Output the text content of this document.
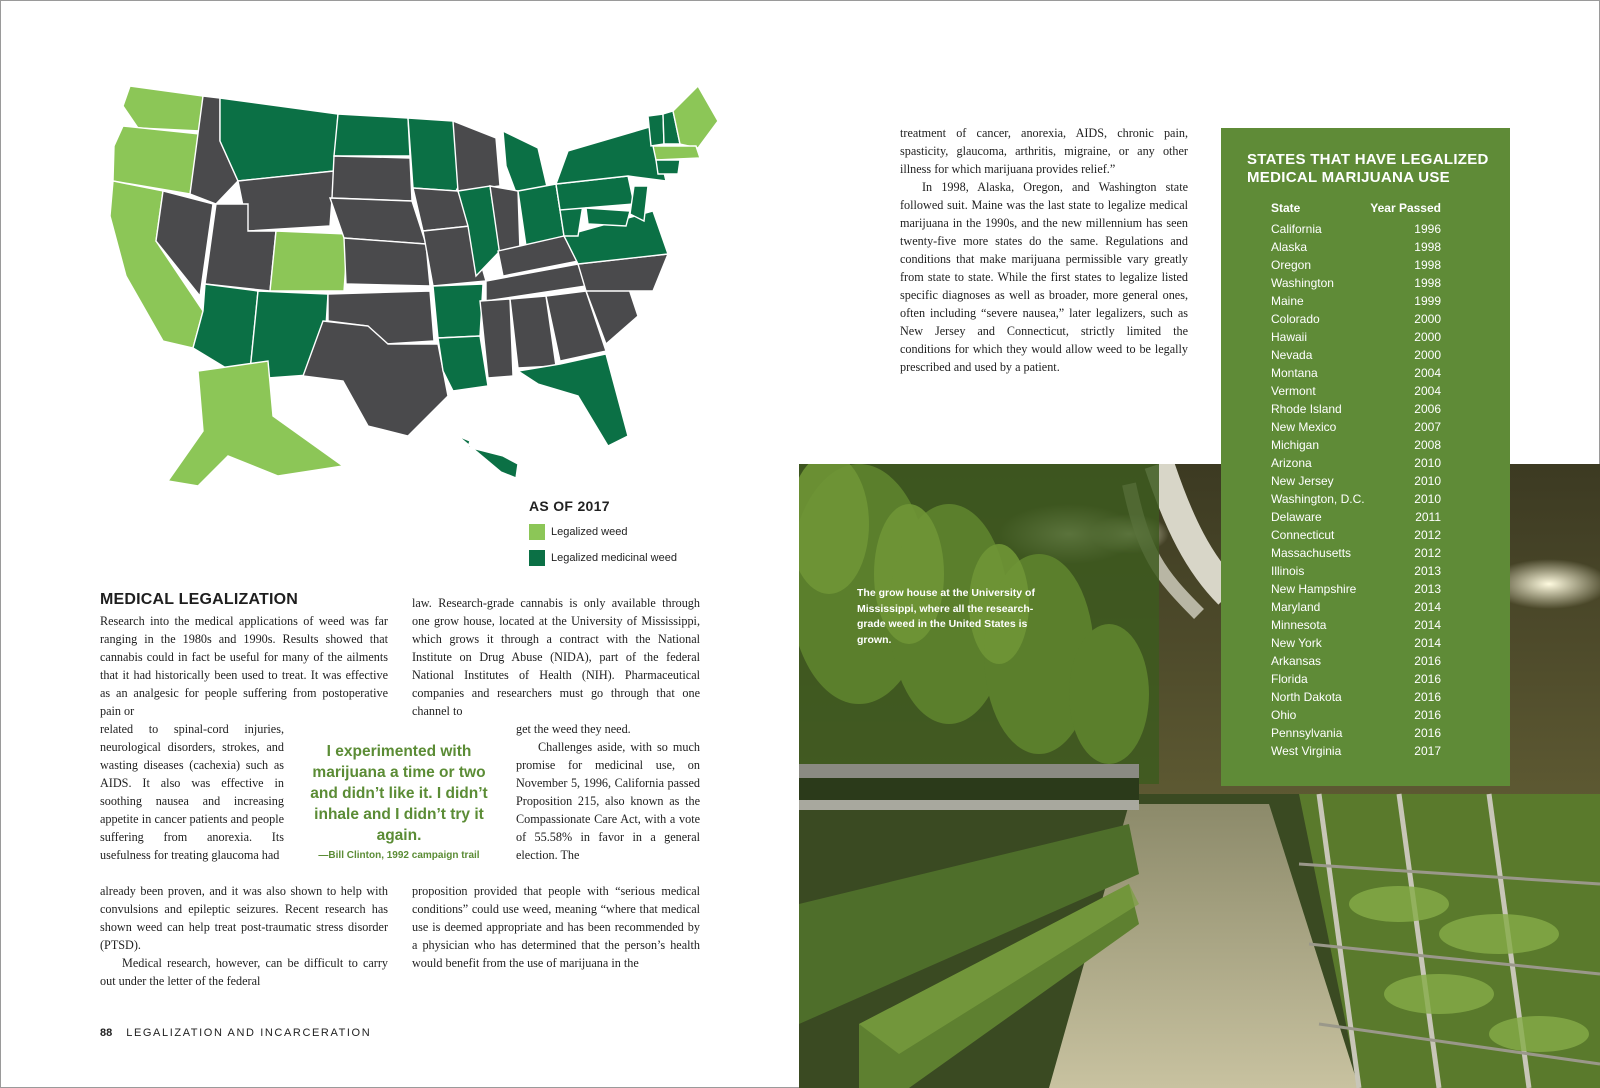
AS OF 2017
Legalized weed
Legalized medicinal weed
MEDICAL LEGALIZATION

Research into the medical applications of weed was far ranging in the 1980s and 1990s. Results showed that cannabis could in fact be useful for many of the ailments that it had historically been used to treat. It was effective as an analgesic for people suffering from postoperative pain or

related to spinal-cord injuries, neurological disorders, strokes, and wasting diseases (cachexia) such as AIDS. It also was effective in soothing nausea and increasing appetite in cancer patients and people suffering from anorexia. Its usefulness for treating glaucoma had

already been proven, and it was also shown to help with convulsions and epileptic seizures. Recent research has shown weed can help treat post-traumatic stress disorder (PTSD).

Medical research, however, can be difficult to carry out under the letter of the federal

law. Research-grade cannabis is only available through one grow house, located at the University of Mississippi, which grows it through a contract with the National Institute on Drug Abuse (NIDA), part of the federal National Institutes of Health (NIH). Pharmaceutical companies and researchers must go through that one channel to

get the weed they need.

Challenges aside, with so much promise for medicinal use, on November 5, 1996, California passed Proposition 215, also known as the Compassionate Care Act, with a vote of 55.58% in favor in a general election. The

proposition provided that people with “serious medical conditions” could use weed, meaning “where that medical use is deemed appropriate and has been recommended by a physician who has determined that the person’s health would benefit from the use of marijuana in the

I experimented with marijuana a time or two and didn’t like it. I didn’t inhale and I didn’t try it again.
—Bill Clinton, 1992 campaign trail
88 LEGALIZATION AND INCARCERATION

treatment of cancer, anorexia, AIDS, chronic pain, spasticity, glaucoma, arthritis, migraine, or any other illness for which marijuana provides relief.”

In 1998, Alaska, Oregon, and Washington state followed suit. Maine was the last state to legalize medical marijuana in the 1990s, and the new millennium has seen twenty-five more states do the same. Regulations and conditions that make marijuana permissible vary greatly from state to state. While the first states to legalize listed specific diagnoses as well as broader, more general ones, often including “severe nausea,” later legalizers, such as New Jersey and Connecticut, strictly limited the conditions for which they would allow weed to be legally prescribed and used by a patient.

The grow house at the University of Mississippi, where all the research-grade weed in the United States is grown.
STATES THAT HAVE LEGALIZED
MEDICAL MARIJUANA USE
State	Year Passed
California	1996
Alaska	1998
Oregon	1998
Washington	1998
Maine	1999
Colorado	2000
Hawaii	2000
Nevada	2000
Montana	2004
Vermont	2004
Rhode Island	2006
New Mexico	2007
Michigan	2008
Arizona	2010
New Jersey	2010
Washington, D.C.	2010
Delaware	2011
Connecticut	2012
Massachusetts	2012
Illinois	2013
New Hampshire	2013
Maryland	2014
Minnesota	2014
New York	2014
Arkansas	2016
Florida	2016
North Dakota	2016
Ohio	2016
Pennsylvania	2016
West Virginia	2017
